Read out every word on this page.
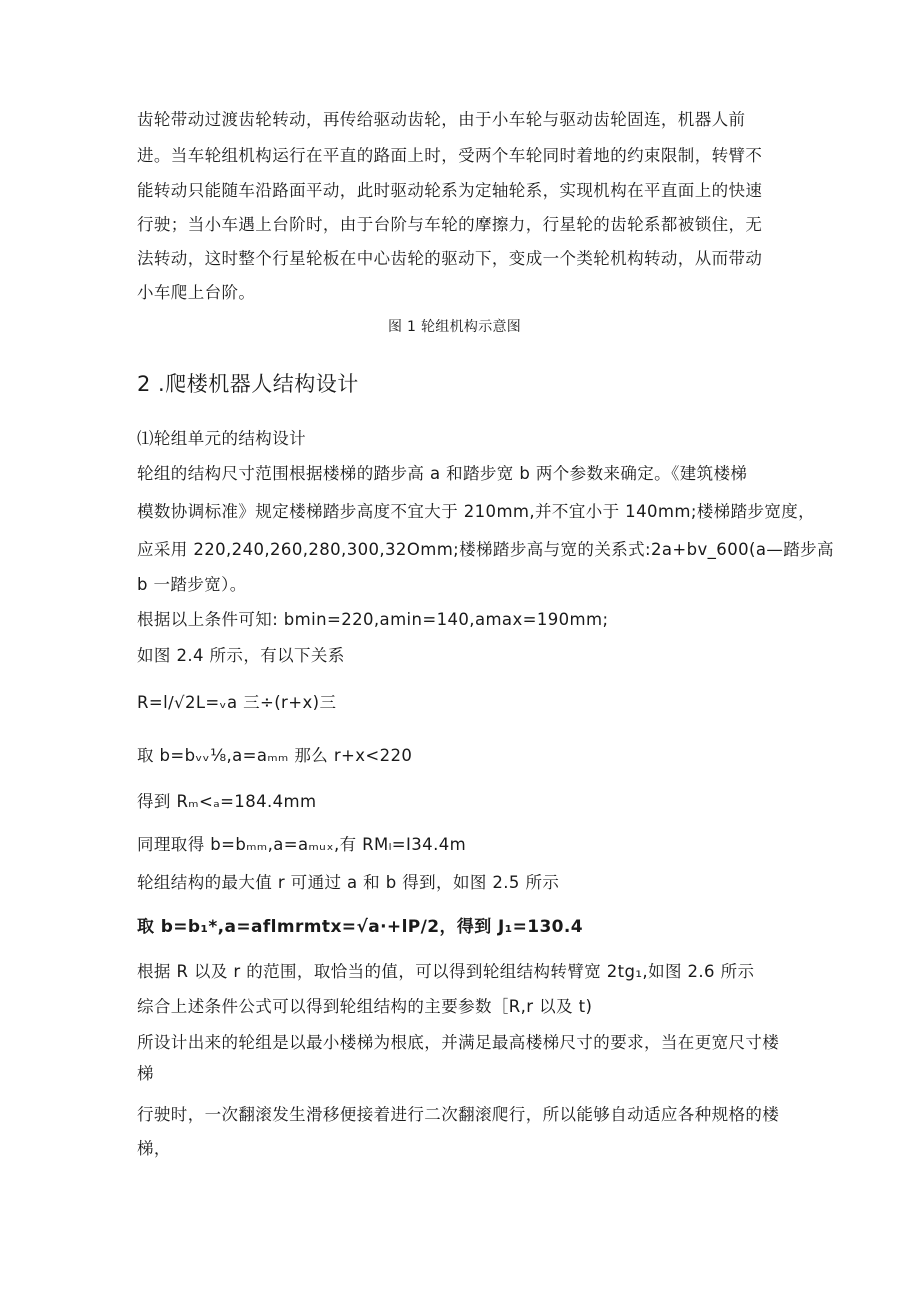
齿轮带动过渡齿轮转动，再传给驱动齿轮，由于小车轮与驱动齿轮固连，机器人前
进。当车轮组机构运行在平直的路面上时，受两个车轮同时着地的约束限制，转臂不
能转动只能随车沿路面平动，此时驱动轮系为定轴轮系，实现机构在平直面上的快速
行驶；当小车遇上台阶时，由于台阶与车轮的摩擦力，行星轮的齿轮系都被锁住，无
法转动，这时整个行星轮板在中心齿轮的驱动下，变成一个类轮机构转动，从而带动
小车爬上台阶。
图 1 轮组机构示意图
2 .爬楼机器人结构设计
⑴轮组单元的结构设计
轮组的结构尺寸范围根据楼梯的踏步高 a 和踏步宽 b 两个参数来确定。《建筑楼梯
模数协调标准》规定楼梯踏步高度不宜大于 210mm,并不宜小于 140mm;楼梯踏步宽度，
应采用 220,240,260,280,300,32Omm;楼梯踏步高与宽的关系式:2a+bv_600(a—踏步高
b 一踏步宽）。
根据以上条件可知: bmin=220,amin=140,amax=190mm;
如图 2.4 所示，有以下关系
R=l∕√2L=ᵥa 三÷(r+x)三
取 b=bᵥᵥ⅛,a=aₘₘ 那么 r+x<220
得到 Rₘ<ₐ=184.4mm
同理取得 b=bₘₘ,a=aₘᵤₓ,有 RMₗ=I34.4m
轮组结构的最大值 r 可通过 a 和 b 得到，如图 2.5 所示
取 b=b₁*,a=aflmrmtx=√a·+lP∕2，得到 J₁=130.4
根据 R 以及 r 的范围，取恰当的值，可以得到轮组结构转臂宽 2tg₁,如图 2.6 所示
综合上述条件公式可以得到轮组结构的主要参数［R,r 以及 t)
所设计出来的轮组是以最小楼梯为根底，并满足最高楼梯尺寸的要求，当在更宽尺寸楼
梯
行驶时，一次翻滚发生滑移便接着进行二次翻滚爬行，所以能够自动适应各种规格的楼
梯，
